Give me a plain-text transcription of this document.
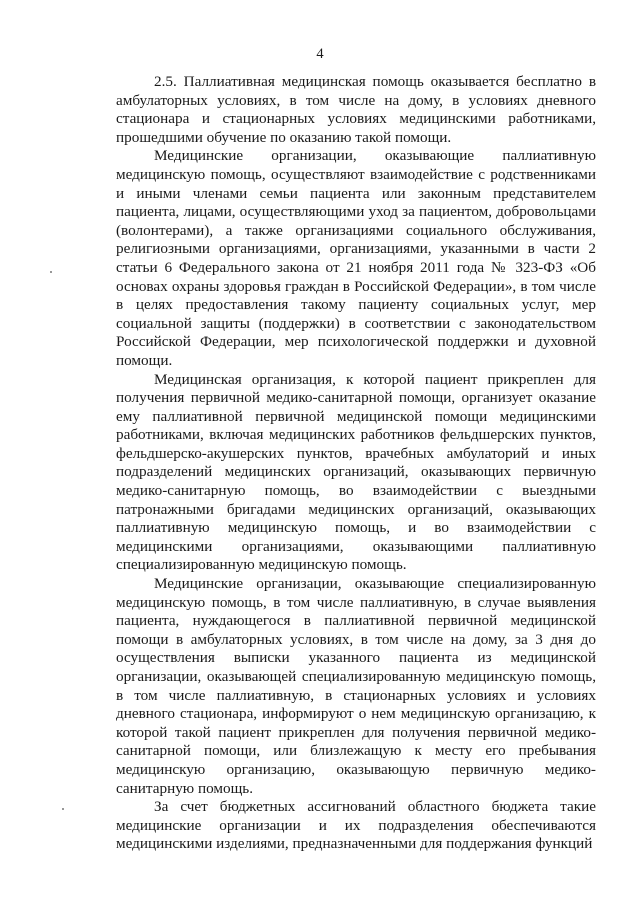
4

2.5. Паллиативная медицинская помощь оказывается бесплатно в амбулаторных условиях, в том числе на дому, в условиях дневного стационара и стационарных условиях медицинскими работниками, прошедшими обучение по оказанию такой помощи.

Медицинские организации, оказывающие паллиативную медицинскую помощь, осуществляют взаимодействие с родственниками и иными членами семьи пациента или законным представителем пациента, лицами, осуществляющими уход за пациентом, добровольцами (волонтерами), а также организациями социального обслуживания, религиозными организациями, организациями, указанными в части 2 статьи 6 Федерального закона от 21 ноября 2011 года № 323-ФЗ «Об основах охраны здоровья граждан в Российской Федерации», в том числе в целях предоставления такому пациенту социальных услуг, мер социальной защиты (поддержки) в соответствии с законодательством Российской Федерации, мер психологической поддержки и духовной помощи.

Медицинская организация, к которой пациент прикреплен для получения первичной медико-санитарной помощи, организует оказание ему паллиативной первичной медицинской помощи медицинскими работниками, включая медицинских работников фельдшерских пунктов, фельдшерско-акушерских пунктов, врачебных амбулаторий и иных подразделений медицинских организаций, оказывающих первичную медико-санитарную помощь, во взаимодействии с выездными патронажными бригадами медицинских организаций, оказывающих паллиативную медицинскую помощь, и во взаимодействии с медицинскими организациями, оказывающими паллиативную специализированную медицинскую помощь.

Медицинские организации, оказывающие специализированную медицинскую помощь, в том числе паллиативную, в случае выявления пациента, нуждающегося в паллиативной первичной медицинской помощи в амбулаторных условиях, в том числе на дому, за 3 дня до осуществления выписки указанного пациента из медицинской организации, оказывающей специализированную медицинскую помощь, в том числе паллиативную, в стационарных условиях и условиях дневного стационара, информируют о нем медицинскую организацию, к которой такой пациент прикреплен для получения первичной медико-санитарной помощи, или близлежащую к месту его пребывания медицинскую организацию, оказывающую первичную медико-санитарную помощь.

За счет бюджетных ассигнований областного бюджета такие медицинские организации и их подразделения обеспечиваются медицинскими изделиями, предназначенными для поддержания функций
